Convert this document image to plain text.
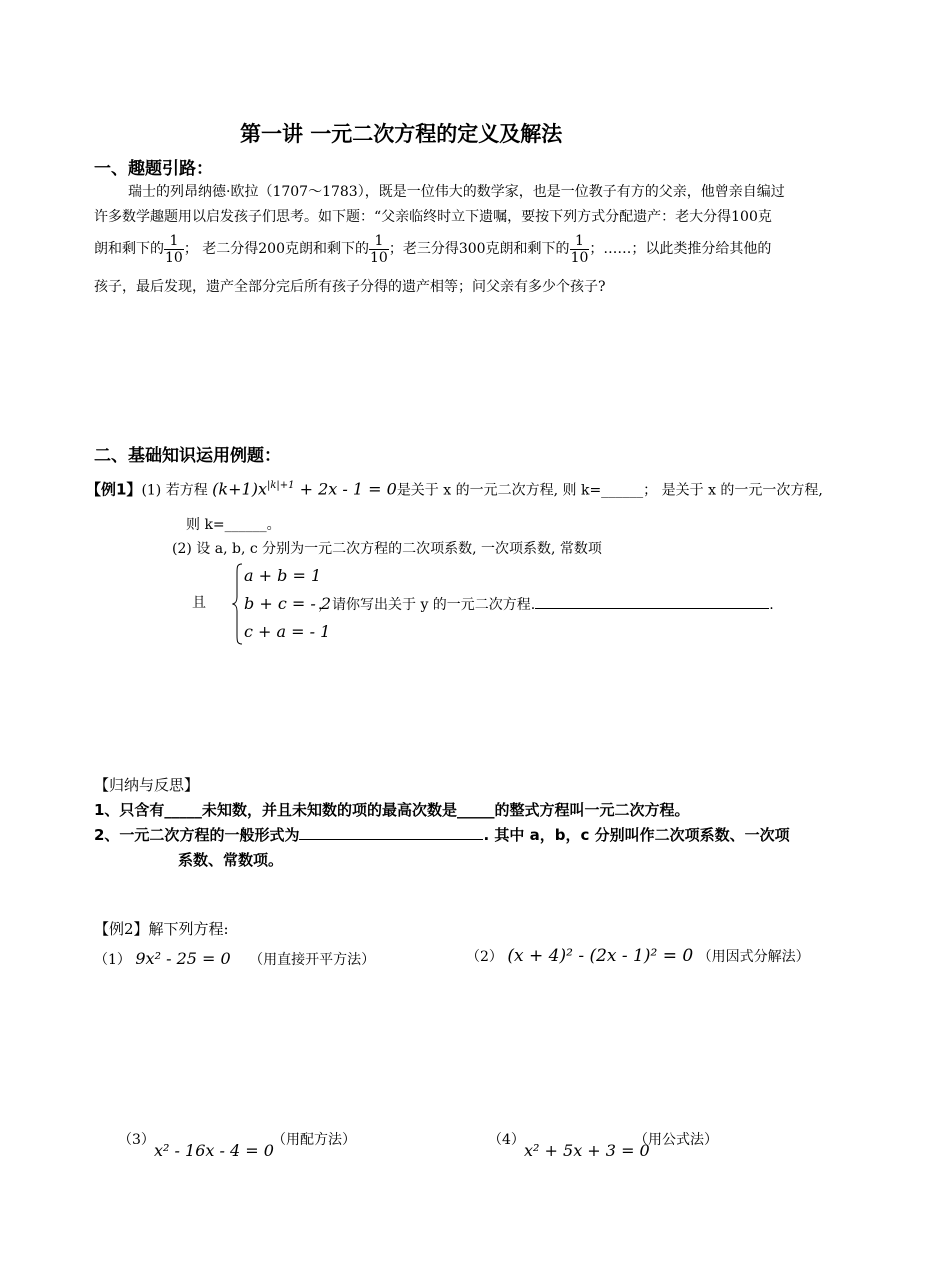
第一讲 一元二次方程的定义及解法
一、趣题引路：
瑞士的列昂纳德·欧拉（1707～1783），既是一位伟大的数学家，也是一位教子有方的父亲，他曾亲自编过
许多数学趣题用以启发孩子们思考。如下题：“父亲临终时立下遗嘱，要按下列方式分配遗产：老大分得100克
朗和剩下的 $\frac{1}{10}$ ； 老二分得200克朗和剩下的 $\frac{1}{10}$ ；老三分得300克朗和剩下的 $\frac{1}{10}$ ；……；以此类推分给其他的
孩子，最后发现，遗产全部分完后所有孩子分得的遗产相等；问父亲有多少个孩子?
二、基础知识运用例题：
【例1】(1) 若方程 $(k+1)x^{|k|+1} + 2x - 1 = 0$是关于 x 的一元二次方程, 则 k=______； 是关于 x 的一元一次方程,
则 k=______。
(2) 设 a, b, c 分别为一元二次方程的二次项系数, 一次项系数, 常数项
且
a + b = 1
b + c = - 2
c + a = - 1
，请你写出关于 y 的一元二次方程.	.
【归纳与反思】
1、只含有_____未知数，并且未知数的项的最高次数是_____的整式方程叫一元二次方程。
2、一元二次方程的一般形式为	. 其中 a，b，c 分别叫作二次项系数、一次项
系数、常数项。
【例2】解下列方程:
（1） 9x² - 25 = 0 （用直接开平方法）	（2） (x + 4)² - (2x - 1)² = 0 （用因式分解法）
（3）
x² - 16x - 4 = 0
（用配方法）	（4）
x² + 5x + 3 = 0
（用公式法）
